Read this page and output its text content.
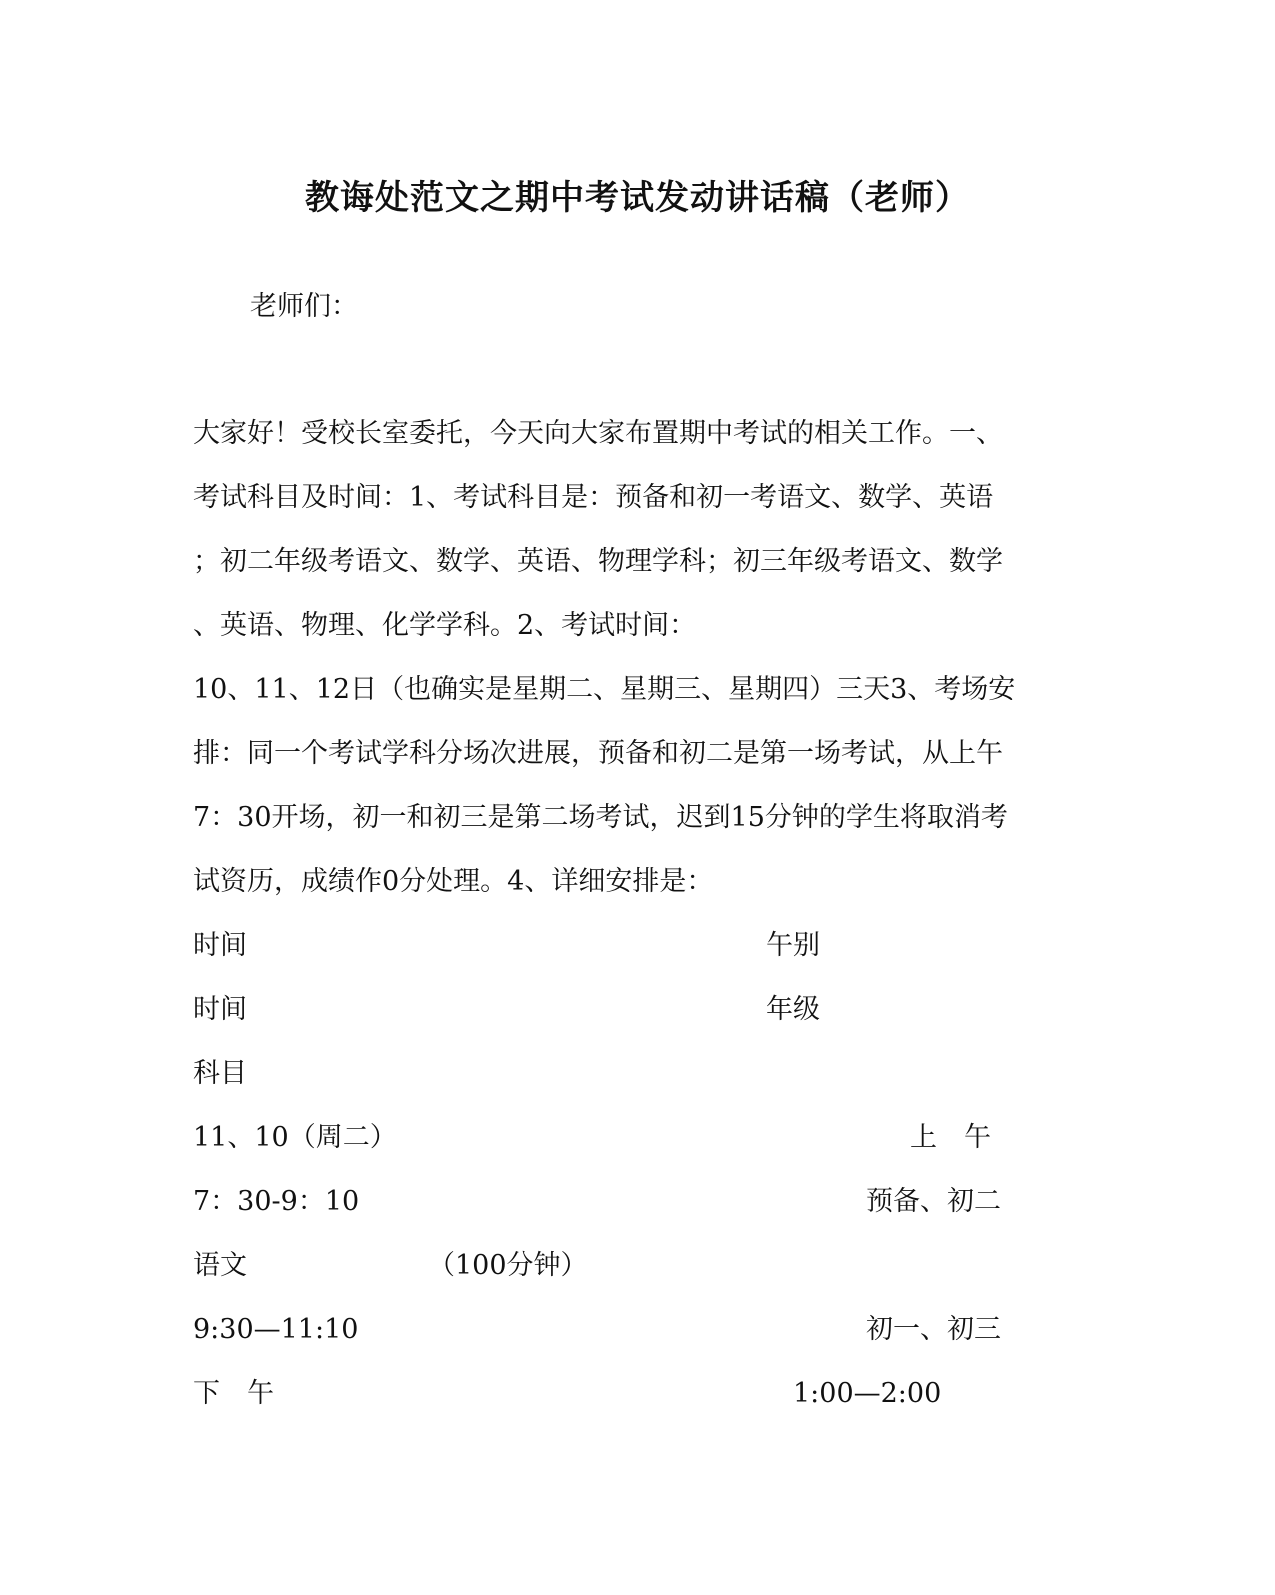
教诲处范文之期中考试发动讲话稿（老师）
老师们：
大家好！受校长室委托，今天向大家布置期中考试的相关工作。一、
考试科目及时间：1、考试科目是：预备和初一考语文、数学、英语
；初二年级考语文、数学、英语、物理学科；初三年级考语文、数学
、英语、物理、化学学科。2、考试时间：
10、11、12日（也确实是星期二、星期三、星期四）三天3、考场安
排：同一个考试学科分场次进展，预备和初二是第一场考试，从上午
7：30开场，初一和初三是第二场考试，迟到15分钟的学生将取消考
试资历，成绩作0分处理。4、详细安排是：
时间	午别
时间	年级
科目
11、10（周二）	上　午
7：30-9：10	预备、初二
语文	（100分钟）
9:30—11:10	初一、初三
下　午	1:00—2:00
